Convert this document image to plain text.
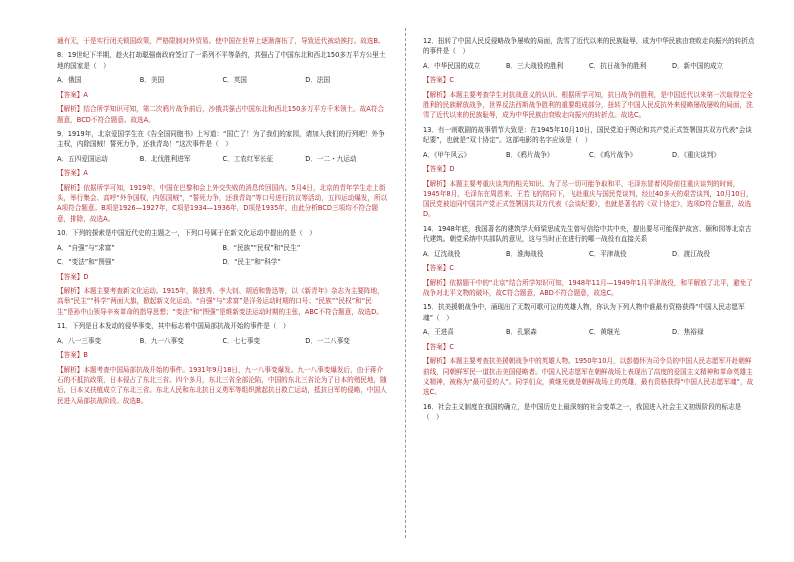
通有无，于是实行闭关锁国政策，严格限制对外贸易。使中国在世界上逐渐落伍了，导致近代被动挨打。故选B。

8．19世纪下半期，趁火打劫聪强南政府签订了一系列不平等条约，共强占了中国东北和西北150多万平方公里土地的国家是（　）

A．俄国	B．美国	C．英国	D．法国

【答案】A

【解析】结合所学知识可知，第二次鸦片战争前后，沙俄共强占中国东北和西北150多万平方千米领土。故A符合题意，BCD不符合题意。故选A。

9．1919年，北京爱国学生在《告全国同胞书》上写道：“国亡了！为了我们的家园，请加入我们的行列吧！外争主权，内除国贼！誓死力争，还我青岛！”这次事件是（　）

A．五四爱国运动	B．北伐胜利进军	C．工农红军长征	D．一二・九运动

【答案】A

【解析】依据所学可知，1919年，中国在巴黎和会上外交失败的消息传回国内。5月4日，北京的青年学生走上街头，举行集会、高呼“外争国权，内惩国贼”，“誓死力争，还我青岛”等口号进行抗议等活动，五四运动爆发，所以A项符合题意。B项是1926—1927年，C项是1934—1936年，D项是1935年，由此分析BCD三项均不符合题意，排除，故选A。

10．下列的探索是中国近代史的主题之一，下列口号属于在新文化运动中提出的是（　）

A．“自强”与“求富”	B．“民族”“民权”和“民生”
C．“变法”和“图强”	D．“民主”和“科学”

【答案】D

【解析】本题主要考查新文化运动。1915年，陈独秀、李大钊、胡适和鲁迅等，以《新青年》杂志为主要阵地，高举“民主”“科学”两面大旗，掀起新文化运动。“自强”与“求富”是洋务运动时期的口号；“民族”“民权”和“民生”是孙中山领导辛亥革命的指导思想；“变法”和“图强”是维新变法运动时期的主张，ABC不符合题意，故选D。

11．下列是日本发动的侵华事变，其中标志着中国局部抗战开始的事件是（　）

A．八一三事变	B．九一八事变	C．七七事变	D．一二八事变

【答案】B

【解析】本题考查中国局部抗战开始的事件。1931年9月18日，九一八事变爆发。九一八事变爆发后，由于蒋介石的不抵抗政策，日本侵占了东北三省。四个多月，东北三省全部沦陷，中国的东北三省沦为了日本的殖民地，随后，日本又扶植成立了东北三省。东北人民和东北抗日义勇军等组织掀起抗日救亡运动，抵抗日军的侵略，中国人民进入局部抗战阶段。故选B。

12．扭转了中国人民反侵略战争屡败的局面，洗雪了近代以来的民族耻辱，成为中华民族由衰败走向振兴的转折点的事件是（　）

A．中华民国的成立	B．三大战役的胜利	C．抗日战争的胜利	D．新中国的成立

【答案】C

【解析】本题主要考查学生对抗战意义的认识、根据所学可知，抗日战争的胜利，是中国近代以来第一次取得完全胜利的民族解放战争，世界反法西斯战争胜利的重要组成部分，扭转了中国人民反抗外来侵略屡战屡败的局面，洗雪了近代以来的民族耻辱，成为中华民族由衰败走向振兴的转折点。故选C。

13．有一则歌剧的故事情节大致是：在1945年10月10日，国民党迫于舆论和共产党正式签署国共双方代表“会谈纪要”，也就是“双十协定”。这部电影的名字应该是（　）

A．《甲午风云》	B．《鸦片战争》	C．《鸡片战争》	D．《重庆谈判》

【答案】D

【解析】本题主要考重庆谈判的相关知识、为了尽一切可能争取和平、毛泽东冒着风险前往重庆谈判的时间，1945年8月，毛泽东在周恩来、王若飞的陪同下，飞赴重庆与国民党谈判，经过40多天的艰苦谈判，10月10日，国民党被迫同中国共产党正式签署国共双方代表《会谈纪要》，也就是著名的《双十协定》，选项D符合题意，故选D。

14．1948年底，我国著名的建筑学大师梁思成先生曾写信给中共中央，提出要尽可能保护故宫、颐和园等北京古代建筑。朝党采纳中共部队的意见，这与当时正在进行的哪一战役有直接关系

A．辽沈战役	B．淮海战役	C．平津战役	D．渡江战役

【答案】C

【解析】依据题干中的“北京”结合所学知识可知，1948年11月—1949年1月平津战役，和平解放了北平，避免了战争对北平文物的破坏，故C符合题意，ABD不符合题意，故选C。

15．抗美援朝战争中，涌现出了无数可歌可泣的英雄人物，你认为下列人物中谁最有资格获得“中国人民志愿军魂”（　）

A．王进喜	B．孔繁森	C．黄继光	D．焦裕禄

【答案】C

【解析】本题主要考查抗美援朝战争中的英雄人物。1950年10月，以彭德怀为司令员的中国人民志愿军开赴朝鲜前线，同朝鲜军民一道抗击美国侵略者。中国人民志愿军在朝鲜战场上表现出了高度的爱国主义精神和革命英雄主义精神，被称为“最可爱的人”。同学们众，黄继光就是朝鲜战场上的英雄，最有资格获得“中国人民志愿军魂”，故选C。

16．社会主义制度在我国的确立，是中国历史上最深刻的社会变革之一，我国进入社会主义初级阶段的标志是（　）
